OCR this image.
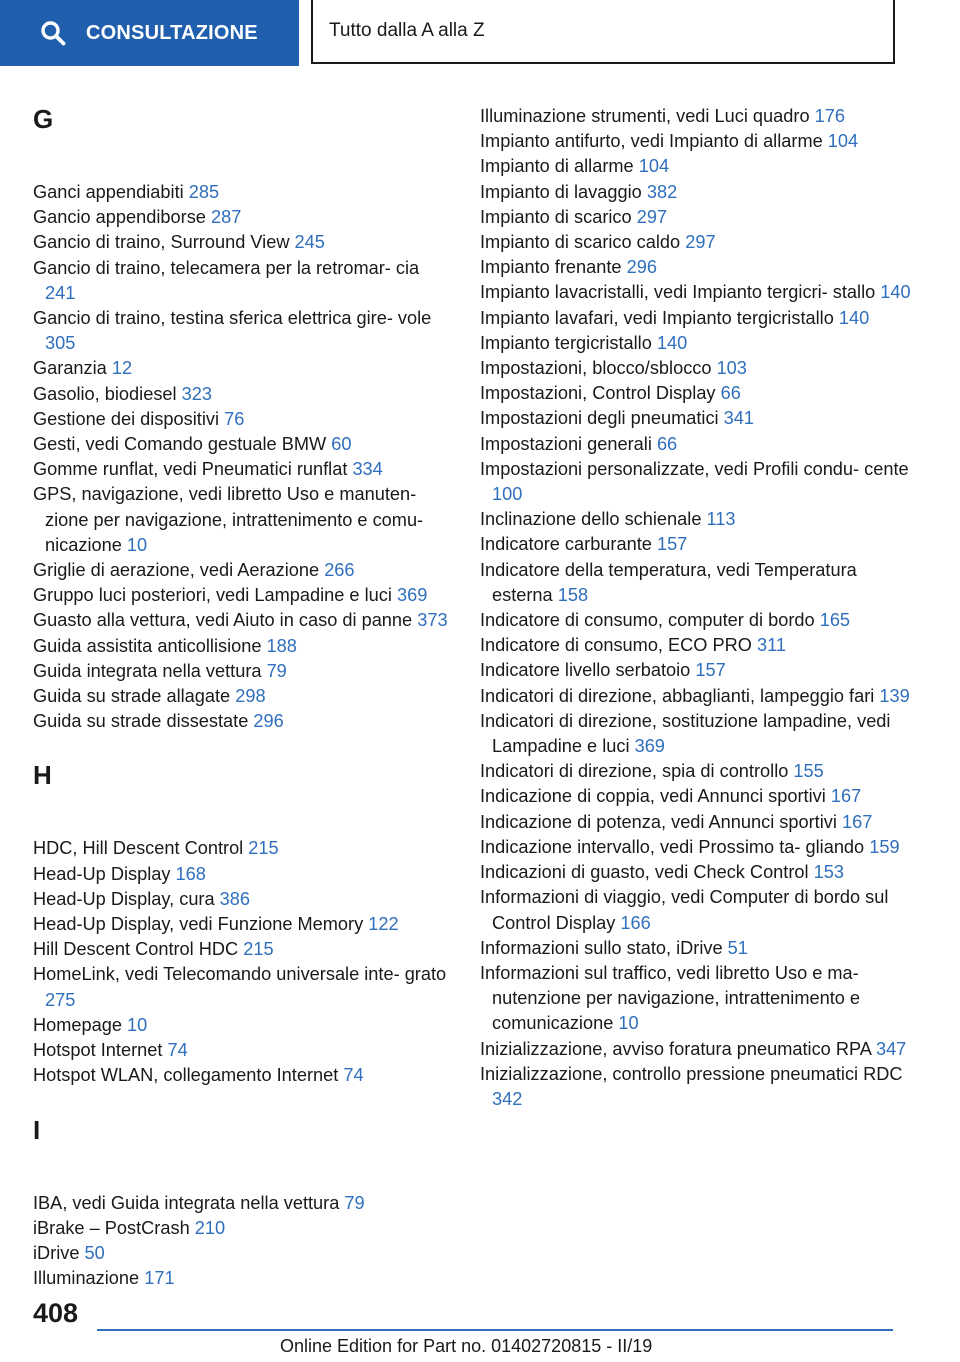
CONSULTAZIONE	Tutto dalla A alla Z
G
Ganci appendiabiti 285
Gancio appendiborse 287
Gancio di traino, Surround View 245
Gancio di traino, telecamera per la retromar‐ cia 241
Gancio di traino, testina sferica elettrica gire‐ vole 305
Garanzia 12
Gasolio, biodiesel 323
Gestione dei dispositivi 76
Gesti, vedi Comando gestuale BMW 60
Gomme runflat, vedi Pneumatici runflat 334
GPS, navigazione, vedi libretto Uso e manuten‐ zione per navigazione, intrattenimento e comu‐ nicazione 10
Griglie di aerazione, vedi Aerazione 266
Gruppo luci posteriori, vedi Lampadine e luci 369
Guasto alla vettura, vedi Aiuto in caso di panne 373
Guida assistita anticollisione 188
Guida integrata nella vettura 79
Guida su strade allagate 298
Guida su strade dissestate 296
H
HDC, Hill Descent Control 215
Head-Up Display 168
Head-Up Display, cura 386
Head-Up Display, vedi Funzione Memory 122
Hill Descent Control HDC 215
HomeLink, vedi Telecomando universale inte‐ grato 275
Homepage 10
Hotspot Internet 74
Hotspot WLAN, collegamento Internet 74
I
IBA, vedi Guida integrata nella vettura 79
iBrake – PostCrash 210
iDrive 50
Illuminazione 171
Illuminazione strumenti, vedi Luci quadro 176
Impianto antifurto, vedi Impianto di allarme 104
Impianto di allarme 104
Impianto di lavaggio 382
Impianto di scarico 297
Impianto di scarico caldo 297
Impianto frenante 296
Impianto lavacristalli, vedi Impianto tergicri‐ stallo 140
Impianto lavafari, vedi Impianto tergicristallo 140
Impianto tergicristallo 140
Impostazioni, blocco/sblocco 103
Impostazioni, Control Display 66
Impostazioni degli pneumatici 341
Impostazioni generali 66
Impostazioni personalizzate, vedi Profili condu‐ cente 100
Inclinazione dello schienale 113
Indicatore carburante 157
Indicatore della temperatura, vedi Temperatura esterna 158
Indicatore di consumo, computer di bordo 165
Indicatore di consumo, ECO PRO 311
Indicatore livello serbatoio 157
Indicatori di direzione, abbaglianti, lampeggio fari 139
Indicatori di direzione, sostituzione lampadine, vedi Lampadine e luci 369
Indicatori di direzione, spia di controllo 155
Indicazione di coppia, vedi Annunci sportivi 167
Indicazione di potenza, vedi Annunci sportivi 167
Indicazione intervallo, vedi Prossimo ta‐ gliando 159
Indicazioni di guasto, vedi Check Control 153
Informazioni di viaggio, vedi Computer di bordo sul Control Display 166
Informazioni sullo stato, iDrive 51
Informazioni sul traffico, vedi libretto Uso e ma‐ nutenzione per navigazione, intrattenimento e comunicazione 10
Inizializzazione, avviso foratura pneumatico RPA 347
Inizializzazione, controllo pressione pneumatici RDC 342
408
Online Edition for Part no. 01402720815 - II/19
